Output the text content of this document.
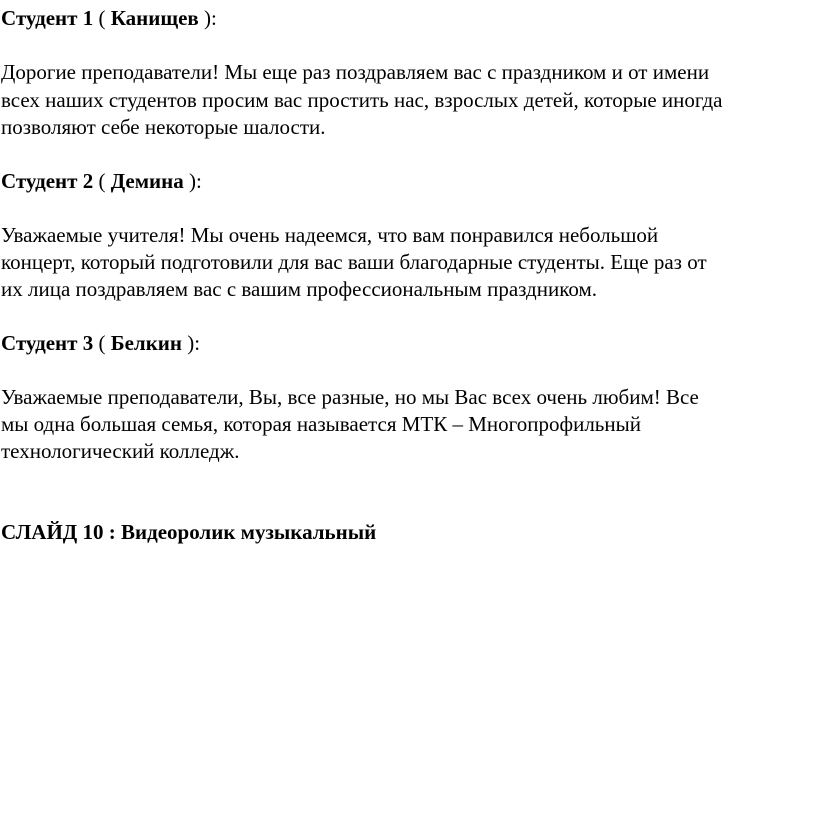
Студент 1 ( Канищев ):
Дорогие преподаватели! Мы еще раз поздравляем вас с праздником и от имени
всех наших студентов просим вас простить нас, взрослых детей, которые иногда
позволяют себе некоторые шалости.
Студент 2 ( Демина ):
Уважаемые учителя! Мы очень надеемся, что вам понравился небольшой
концерт, который подготовили для вас ваши благодарные студенты. Еще раз от
их лица поздравляем вас с вашим профессиональным праздником.
Студент 3 ( Белкин ):
Уважаемые преподаватели, Вы, все разные, но мы Вас всех очень любим! Все
мы одна большая семья, которая называется МТК – Многопрофильный
технологический колледж.
СЛАЙД 10 : Видеоролик музыкальный
